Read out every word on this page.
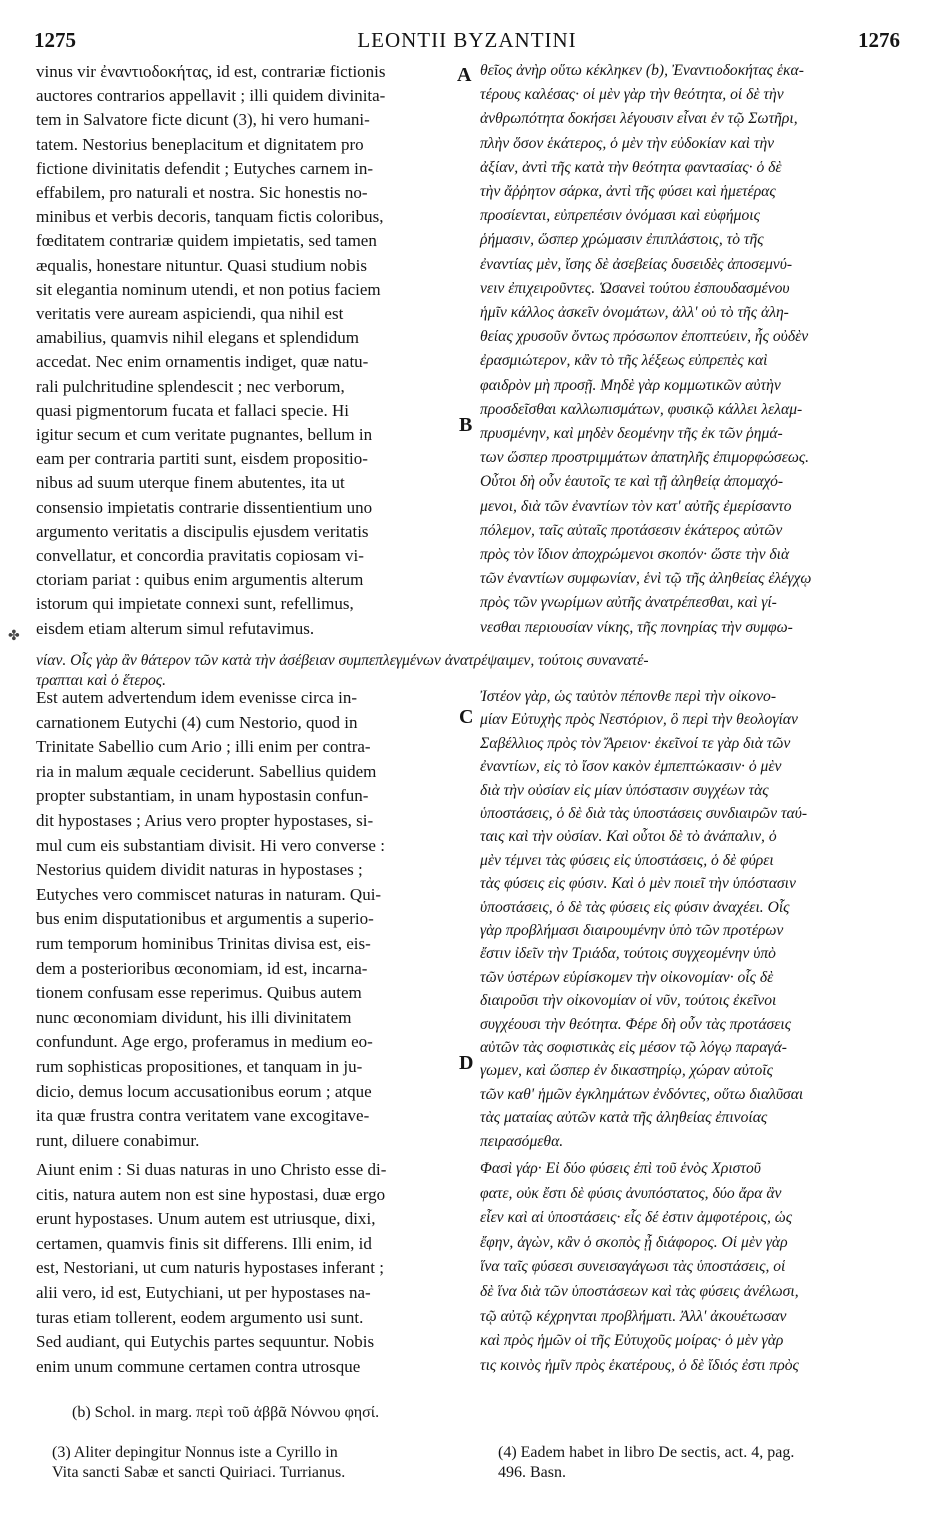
1275	LEONTII BYZANTINI	1276
vinus vir ἐναντιοδοκήτας, id est, contrariæ fictionis
auctores contrarios appellavit ; illi quidem divinita-
tem in Salvatore ficte dicunt (3), hi vero humani-
tatem. Nestorius beneplacitum et dignitatem pro
fictione divinitatis defendit ; Eutyches carnem in-
effabilem, pro naturali et nostra. Sic honestis no-
minibus et verbis decoris, tanquam fictis coloribus,
fœditatem contrariæ quidem impietatis, sed tamen
æqualis, honestare nituntur. Quasi studium nobis
sit elegantia nominum utendi, et non potius faciem
veritatis vere auream aspiciendi, qua nihil est
amabilius, quamvis nihil elegans et splendidum
accedat. Nec enim ornamentis indiget, quæ natu-
rali pulchritudine splendescit ; nec verborum,
quasi pigmentorum fucata et fallaci specie. Hi
igitur secum et cum veritate pugnantes, bellum in
eam per contraria partiti sunt, eisdem propositio-
nibus ad suum uterque finem abutentes, ita ut
consensio impietatis contrarie dissentientium uno
argumento veritatis a discipulis ejusdem veritatis
convellatur, et concordia pravitatis copiosam vi-
ctoriam pariat : quibus enim argumentis alterum
istorum qui impietate connexi sunt, refellimus,
eisdem etiam alterum simul refutavimus.
θεῖος ἀνὴρ οὕτω κέκληκεν (b), Ἐναντιοδοκήτας ἑκα-
τέρους καλέσας· οἱ μὲν γὰρ τὴν θεότητα, οἱ δὲ τὴν
ἀνθρωπότητα δοκήσει λέγουσιν εἶναι ἐν τῷ Σωτῆρι,
πλὴν ὅσον ἑκάτερος, ὁ μὲν τὴν εὐδοκίαν καὶ τὴν
ἀξίαν, ἀντὶ τῆς κατὰ τὴν θεότητα φαντασίας· ὁ δὲ
τὴν ἄῤῥητον σάρκα, ἀντὶ τῆς φύσει καὶ ἡμετέρας
προσίενται, εὐπρεπέσιν ὀνόμασι καὶ εὐφήμοις
ῥήμασιν, ὥσπερ χρώμασιν ἐπιπλάστοις, τὸ τῆς
ἐναντίας μὲν, ἴσης δὲ ἀσεβείας δυσειδὲς ἀποσεμνύ-
νειν ἐπιχειροῦντες. Ὡσανεὶ τούτου ἐσπουδασμένου
ἡμῖν κάλλος ἀσκεῖν ὀνομάτων, ἀλλ' οὐ τὸ τῆς ἀλη-
θείας χρυσοῦν ὄντως πρόσωπον ἐποπτεύειν, ἧς οὐδὲν
ἐρασμιώτερον, κἂν τὸ τῆς λέξεως εὐπρεπὲς καὶ
φαιδρὸν μὴ προσῇ. Μηδὲ γὰρ κομμωτικῶν αὐτὴν
προσδεῖσθαι καλλωπισμάτων, φυσικῷ κάλλει λελαμ-
πρυσμένην, καὶ μηδὲν δεομένην τῆς ἐκ τῶν ῥημά-
των ὥσπερ προστριμμάτων ἀπατηλῆς ἐπιμορφώσεως.
Οὗτοι δὴ οὖν ἑαυτοῖς τε καὶ τῇ ἀληθείᾳ ἀπομαχό-
μενοι, διὰ τῶν ἐναντίων τὸν κατ' αὐτῆς ἐμερίσαντο
πόλεμον, ταῖς αὐταῖς προτάσεσιν ἑκάτερος αὐτῶν
πρὸς τὸν ἴδιον ἀποχρώμενοι σκοπόν· ὥστε τὴν διὰ
τῶν ἐναντίων συμφωνίαν, ἑνὶ τῷ τῆς ἀληθείας ἐλέγχῳ
πρὸς τῶν γνωρίμων αὐτῆς ἀνατρέπεσθαι, καὶ γί-
νεσθαι περιουσίαν νίκης, τῆς πονηρίας τὴν συμφω-
✤
νίαν. Οἷς γὰρ ἂν θάτερον τῶν κατὰ τὴν ἀσέβειαν συμπεπλεγμένων ἀνατρέψαιμεν, τούτοις συνανατέ-
τραπται καὶ ὁ ἕτερος.
Est autem advertendum idem evenisse circa in-
carnationem Eutychi (4) cum Nestorio, quod in
Trinitate Sabellio cum Ario ; illi enim per contra-
ria in malum æquale ceciderunt. Sabellius quidem
propter substantiam, in unam hypostasin confun-
dit hypostases ; Arius vero propter hypostases, si-
mul cum eis substantiam divisit. Hi vero converse :
Nestorius quidem dividit naturas in hypostases ;
Eutyches vero commiscet naturas in naturam. Qui-
bus enim disputationibus et argumentis a superio-
rum temporum hominibus Trinitas divisa est, eis-
dem a posterioribus œconomiam, id est, incarna-
tionem confusam esse reperimus. Quibus autem
nunc œconomiam dividunt, his illi divinitatem
confundunt. Age ergo, proferamus in medium eo-
rum sophisticas propositiones, et tanquam in ju-
dicio, demus locum accusationibus eorum ; atque
ita quæ frustra contra veritatem vane excogitave-
runt, diluere conabimur.
Ἰστέον γὰρ, ὡς ταὐτὸν πέπονθε περὶ τὴν οἰκονο-
μίαν Εὐτυχὴς πρὸς Νεστόριον, ὃ περὶ τὴν θεολογίαν
Σαβέλλιος πρὸς τὸν Ἄρειον· ἐκεῖνοί τε γὰρ διὰ τῶν
ἐναντίων, εἰς τὸ ἴσον κακὸν ἐμπεπτώκασιν· ὁ μὲν
διὰ τὴν οὐσίαν εἰς μίαν ὑπόστασιν συγχέων τὰς
ὑποστάσεις, ὁ δὲ διὰ τὰς ὑποστάσεις συνδιαιρῶν ταύ-
ταις καὶ τὴν οὐσίαν. Καὶ οὗτοι δὲ τὸ ἀνάπαλιν, ὁ
μὲν τέμνει τὰς φύσεις εἰς ὑποστάσεις, ὁ δὲ φύρει
τὰς φύσεις εἰς φύσιν. Καὶ ὁ μὲν ποιεῖ τὴν ὑπόστασιν
ὑποστάσεις, ὁ δὲ τὰς φύσεις εἰς φύσιν ἀναχέει. Οἷς
γὰρ προβλήμασι διαιρουμένην ὑπὸ τῶν προτέρων
ἔστιν ἰδεῖν τὴν Τριάδα, τούτοις συγχεομένην ὑπὸ
τῶν ὑστέρων εὑρίσκομεν τὴν οἰκονομίαν· οἷς δὲ
διαιροῦσι τὴν οἰκονομίαν οἱ νῦν, τούτοις ἐκεῖνοι
συγχέουσι τὴν θεότητα. Φέρε δὴ οὖν τὰς προτάσεις
αὐτῶν τὰς σοφιστικὰς εἰς μέσον τῷ λόγῳ παραγά-
γωμεν, καὶ ὥσπερ ἐν δικαστηρίῳ, χώραν αὐτοῖς
τῶν καθ' ἡμῶν ἐγκλημάτων ἐνδόντες, οὕτω διαλῦσαι
τὰς ματαίας αὐτῶν κατὰ τῆς ἀληθείας ἐπινοίας
πειρασόμεθα.
Aiunt enim : Si duas naturas in uno Christo esse di-
citis, natura autem non est sine hypostasi, duæ ergo
erunt hypostases. Unum autem est utriusque, dixi,
certamen, quamvis finis sit differens. Illi enim, id
est, Nestoriani, ut cum naturis hypostases inferant ;
alii vero, id est, Eutychiani, ut per hypostases na-
turas etiam tollerent, eodem argumento usi sunt.
Sed audiant, qui Eutychis partes sequuntur. Nobis
enim unum commune certamen contra utrosque
Φασὶ γάρ· Εἰ δύο φύσεις ἐπὶ τοῦ ἑνὸς Χριστοῦ
φατε, οὐκ ἔστι δὲ φύσις ἀνυπόστατος, δύο ἄρα ἂν
εἶεν καὶ αἱ ὑποστάσεις· εἷς δέ ἐστιν ἀμφοτέροις, ὡς
ἔφην, ἀγὼν, κἂν ὁ σκοπὸς ᾖ διάφορος. Οἱ μὲν γὰρ
ἵνα ταῖς φύσεσι συνεισαγάγωσι τὰς ὑποστάσεις, οἱ
δὲ ἵνα διὰ τῶν ὑποστάσεων καὶ τὰς φύσεις ἀνέλωσι,
τῷ αὐτῷ κέχρηνται προβλήματι. Ἀλλ' ἀκουέτωσαν
καὶ πρὸς ἡμῶν οἱ τῆς Εὐτυχοῦς μοίρας· ὁ μὲν γὰρ
τις κοινὸς ἡμῖν πρὸς ἑκατέρους, ὁ δὲ ἴδιός ἐστι πρὸς
A
B
C
D
(b) Schol. in marg. περὶ τοῦ ἀββᾶ Νόννου φησί.
(3) Aliter depingitur Nonnus iste a Cyrillo in
Vita sancti Sabæ et sancti Quiriaci. Turrianus.
(4) Eadem habet in libro De sectis, act. 4, pag.
496. Basn.
